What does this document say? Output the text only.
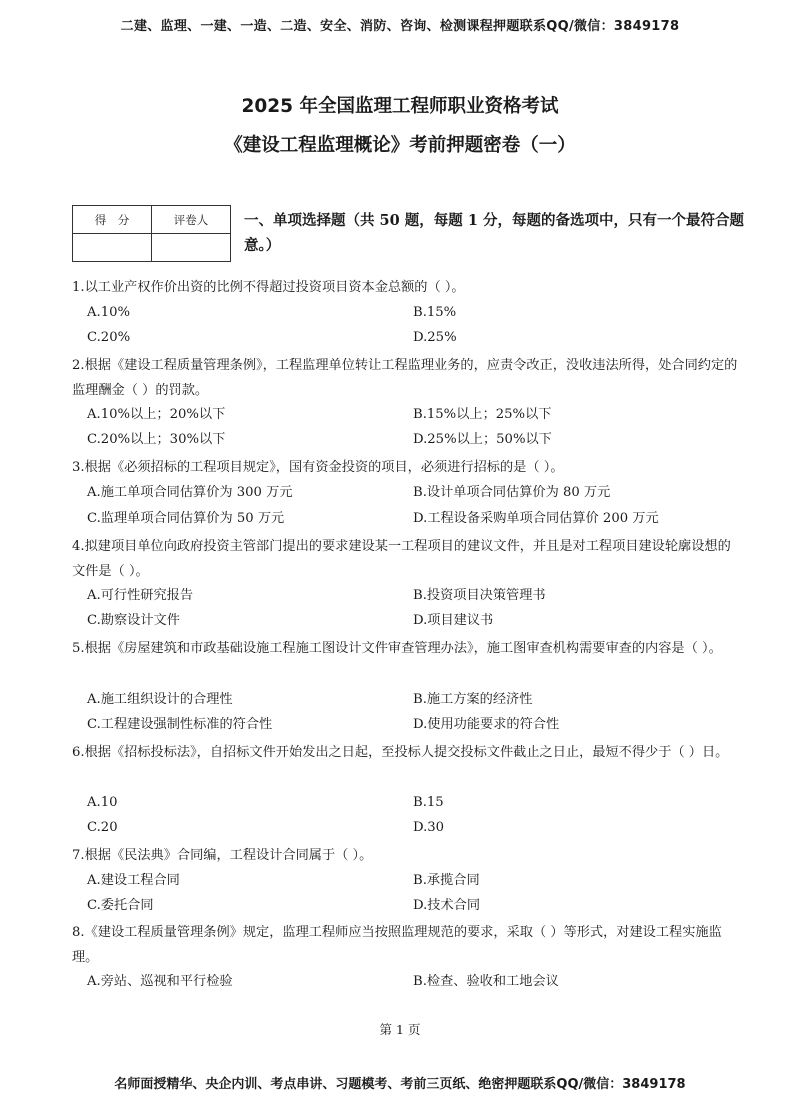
二建、监理、一建、一造、二造、安全、消防、咨询、检测课程押题联系QQ/微信：3849178
2025 年全国监理工程师职业资格考试
《建设工程监理概论》考前押题密卷（一）
得　分	评卷人
	一、单项选择题（共 50 题，每题 1 分，每题的备选项中，只有一个最符合题意。）
1.以工业产权作价出资的比例不得超过投资项目资本金总额的（ ）。
A.10%	B.15%
C.20%	D.25%
2.根据《建设工程质量管理条例》，工程监理单位转让工程监理业务的，应责令改正，没收违法所得，处合同约定的监理酬金（ ）的罚款。
A.10%以上；20%以下	B.15%以上；25%以下
C.20%以上；30%以下	D.25%以上；50%以下
3.根据《必须招标的工程项目规定》，国有资金投资的项目，必须进行招标的是（ ）。
A.施工单项合同估算价为 300 万元	B.设计单项合同估算价为 80 万元
C.监理单项合同估算价为 50 万元	D.工程设备采购单项合同估算价 200 万元
4.拟建项目单位向政府投资主管部门提出的要求建设某一工程项目的建议文件，并且是对工程项目建设轮廓设想的文件是（ ）。
A.可行性研究报告	B.投资项目决策管理书
C.勘察设计文件	D.项目建议书
5.根据《房屋建筑和市政基础设施工程施工图设计文件审查管理办法》，施工图审查机构需要审查的内容是（ ）。
A.施工组织设计的合理性	B.施工方案的经济性
C.工程建设强制性标准的符合性	D.使用功能要求的符合性
6.根据《招标投标法》，自招标文件开始发出之日起，至投标人提交投标文件截止之日止，最短不得少于（ ）日。
A.10	B.15
C.20	D.30
7.根据《民法典》合同编，工程设计合同属于（ ）。
A.建设工程合同	B.承揽合同
C.委托合同	D.技术合同
8.《建设工程质量管理条例》规定，监理工程师应当按照监理规范的要求，采取（ ）等形式，对建设工程实施监理。
A.旁站、巡视和平行检验	B.检查、验收和工地会议
第 1 页
名师面授精华、央企内训、考点串讲、习题模考、考前三页纸、绝密押题联系QQ/微信：3849178
